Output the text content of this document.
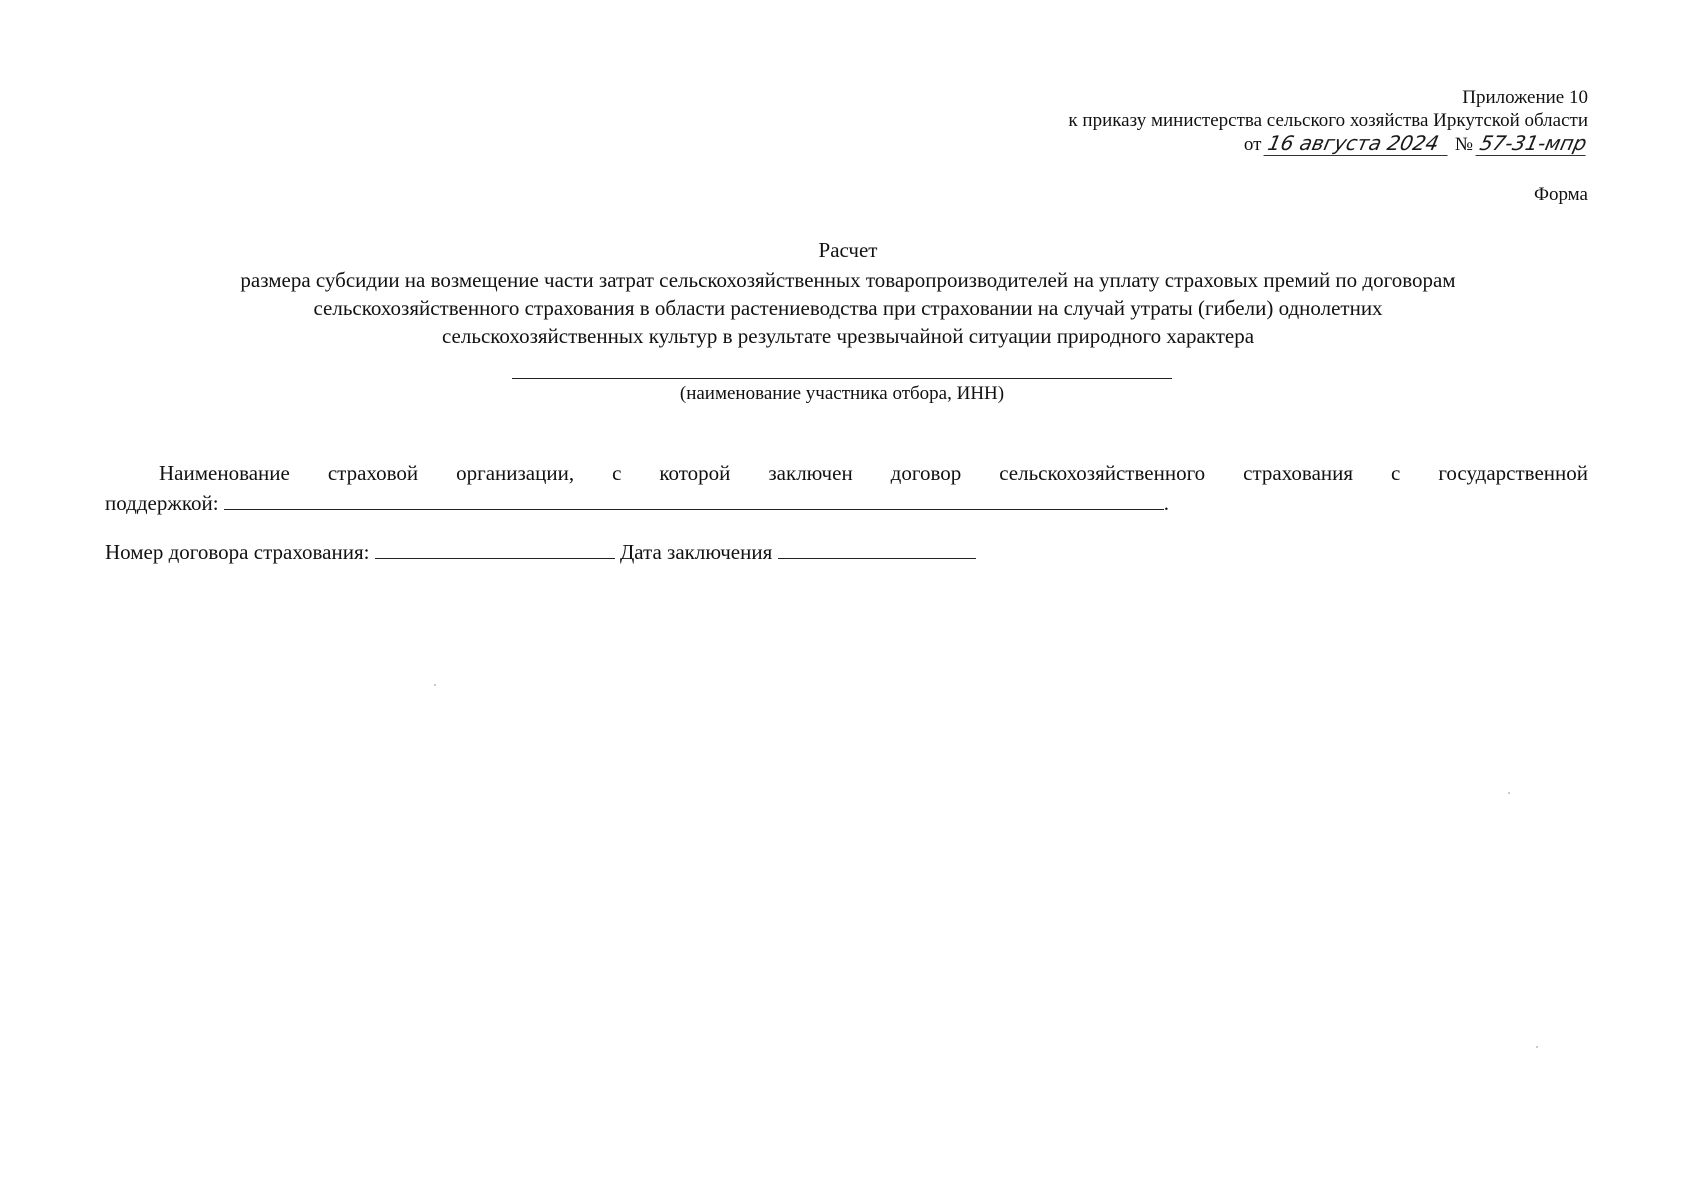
Приложение 10
к приказу министерства сельского хозяйства Иркутской области
от 16 августа 2024 № 57-31-мпр
Форма
Расчет
размера субсидии на возмещение части затрат сельскохозяйственных товаропроизводителей на уплату страховых премий по договорам
сельскохозяйственного страхования в области растениеводства при страховании на случай утраты (гибели) однолетних
сельскохозяйственных культур в результате чрезвычайной ситуации природного характера
(наименование участника отбора, ИНН)
Наименование страховой организации, с которой заключен договор сельскохозяйственного страхования с государственной
поддержкой:	.
Номер договора страхования:	Дата заключения
